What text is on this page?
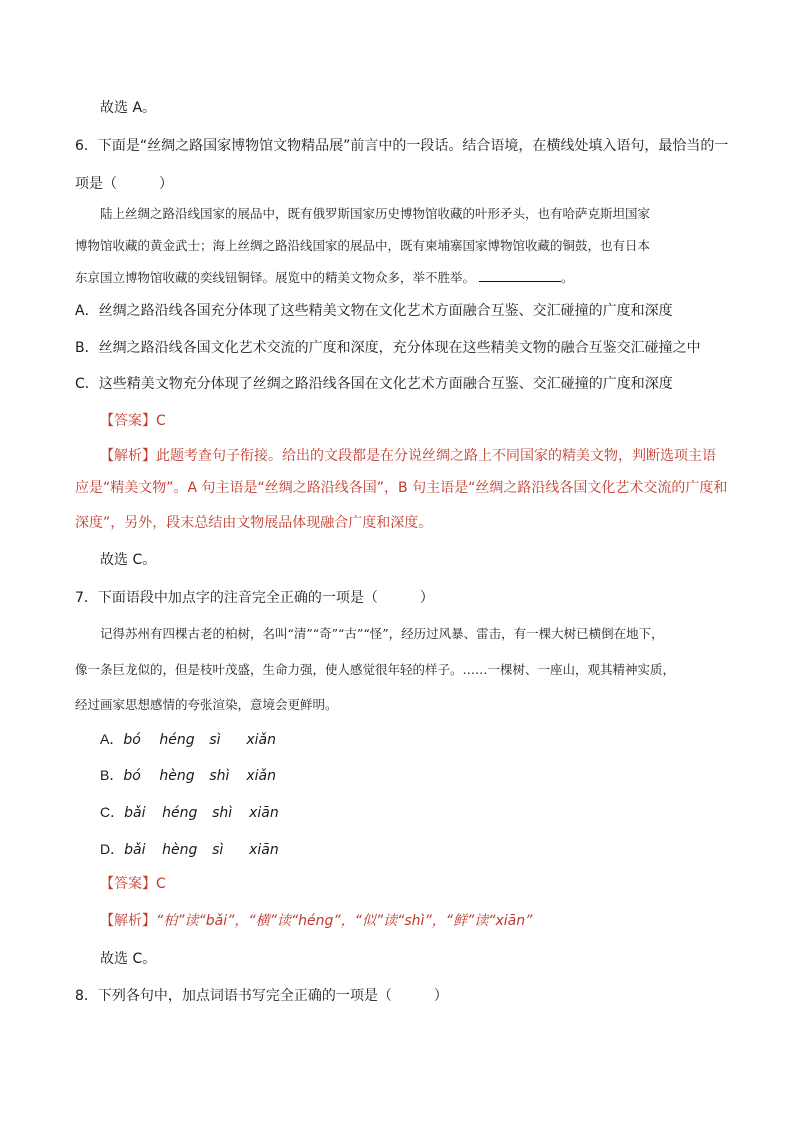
故选 A。
6．下面是“丝绸之路国家博物馆文物精品展”前言中的一段话。结合语境，在横线处填入语句，最恰当的一
项是（　　　）
陆上丝绸之路沿线国家的展品中，既有俄罗斯国家历史博物馆收藏的叶形矛头，也有哈萨克斯坦国家
博物馆收藏的黄金武士；海上丝绸之路沿线国家的展品中，既有柬埔寨国家博物馆收藏的铜鼓，也有日本
东京国立博物馆收藏的奕线钮铜铎。展览中的精美文物众多，举不胜举。	。
A．丝绸之路沿线各国充分体现了这些精美文物在文化艺术方面融合互鉴、交汇碰撞的广度和深度
B．丝绸之路沿线各国文化艺术交流的广度和深度，充分体现在这些精美文物的融合互鉴交汇碰撞之中
C．这些精美文物充分体现了丝绸之路沿线各国在文化艺术方面融合互鉴、交汇碰撞的广度和深度
【答案】C
【解析】此题考查句子衔接。给出的文段都是在分说丝绸之路上不同国家的精美文物，判断选项主语
应是“精美文物”。A 句主语是“丝绸之路沿线各国”，B 句主语是“丝绸之路沿线各国文化艺术交流的广度和
深度”，另外，段末总结由文物展品体现融合广度和深度。
故选 C。
7．下面语段中加点字的注音完全正确的一项是（　　　）
记得苏州有四棵古老的柏树，名叫“清”“奇”“古”“怪”，经历过风暴、雷击，有一棵大树已横倒在地下，
像一条巨龙似的，但是枝叶茂盛，生命力强，使人感觉很年轻的样子。……一棵树、一座山，观其精神实质，
经过画家思想感情的夸张渲染，意境会更鲜明。
A．bó héng sì xiǎn
B．bó hèng shì xiǎn
C．bǎi héng shì xiān
D．bǎi hèng sì xiān
【答案】C
【解析】“柏”读“bǎi”，“横”读“héng”，“似”读“shì”，“鲜”读“xiān”
故选 C。
8．下列各句中，加点词语书写完全正确的一项是（　　　）
